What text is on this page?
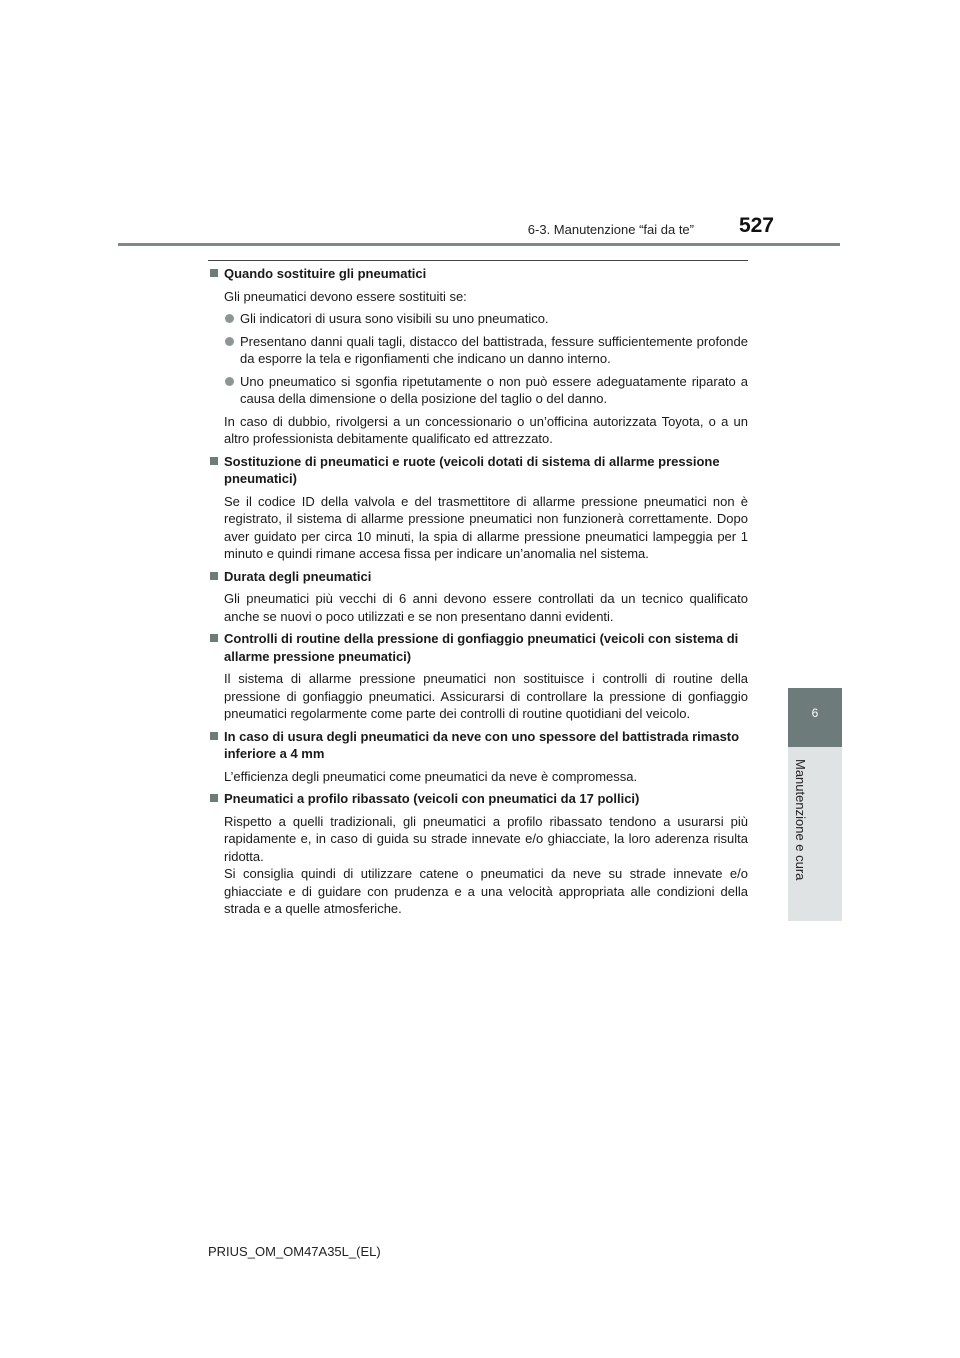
6-3. Manutenzione “fai da te” 527
6
Manutenzione e cura
Quando sostituire gli pneumatici
Gli pneumatici devono essere sostituiti se:
Gli indicatori di usura sono visibili su uno pneumatico.
Presentano danni quali tagli, distacco del battistrada, fessure sufficientemente profonde da esporre la tela e rigonfiamenti che indicano un danno interno.
Uno pneumatico si sgonfia ripetutamente o non può essere adeguatamente riparato a causa della dimensione o della posizione del taglio o del danno.
In caso di dubbio, rivolgersi a un concessionario o un’officina autorizzata Toyota, o a un altro professionista debitamente qualificato ed attrezzato.
Sostituzione di pneumatici e ruote (veicoli dotati di sistema di allarme pressione pneumatici)
Se il codice ID della valvola e del trasmettitore di allarme pressione pneumatici non è registrato, il sistema di allarme pressione pneumatici non funzionerà correttamente. Dopo aver guidato per circa 10 minuti, la spia di allarme pressione pneumatici lampeggia per 1 minuto e quindi rimane accesa fissa per indicare un’anomalia nel sistema.
Durata degli pneumatici
Gli pneumatici più vecchi di 6 anni devono essere controllati da un tecnico qualificato anche se nuovi o poco utilizzati e se non presentano danni evidenti.
Controlli di routine della pressione di gonfiaggio pneumatici (veicoli con sistema di allarme pressione pneumatici)
Il sistema di allarme pressione pneumatici non sostituisce i controlli di routine della pressione di gonfiaggio pneumatici. Assicurarsi di controllare la pressione di gonfiaggio pneumatici regolarmente come parte dei controlli di routine quotidiani del veicolo.
In caso di usura degli pneumatici da neve con uno spessore del battistrada rimasto inferiore a 4 mm
L’efficienza degli pneumatici come pneumatici da neve è compromessa.
Pneumatici a profilo ribassato (veicoli con pneumatici da 17 pollici)
Rispetto a quelli tradizionali, gli pneumatici a profilo ribassato tendono a usurarsi più rapidamente e, in caso di guida su strade innevate e/o ghiacciate, la loro aderenza risulta ridotta.
Si consiglia quindi di utilizzare catene o pneumatici da neve su strade innevate e/o ghiacciate e di guidare con prudenza e a una velocità appropriata alle condizioni della strada e a quelle atmosferiche.
PRIUS_OM_OM47A35L_(EL)
